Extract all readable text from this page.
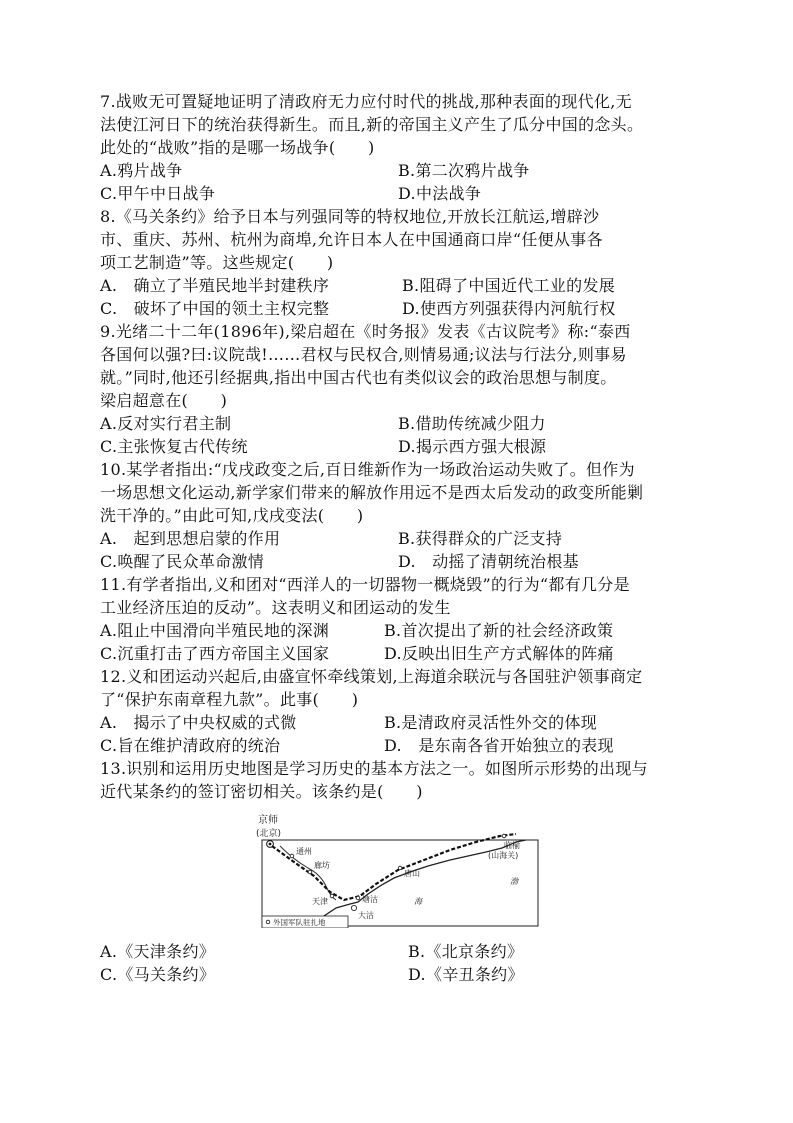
7.战败无可置疑地证明了清政府无力应付时代的挑战,那种表面的现代化,无
法使江河日下的统治获得新生。而且,新的帝国主义产生了瓜分中国的念头。
此处的“战败”指的是哪一场战争(　　)
A.鸦片战争	B.第二次鸦片战争
C.甲午中日战争	D.中法战争
8.《马关条约》给予日本与列强同等的特权地位,开放长江航运,增辟沙
市、重庆、苏州、杭州为商埠,允许日本人在中国通商口岸“任便从事各
项工艺制造”等。这些规定(　　)
A.　确立了半殖民地半封建秩序	B.阻碍了中国近代工业的发展
C.　破坏了中国的领土主权完整	D.使西方列强获得内河航行权
9.光绪二十二年(1896年),梁启超在《时务报》发表《古议院考》称:“泰西
各国何以强?曰:议院哉!……君权与民权合,则情易通;议法与行法分,则事易
就。”同时,他还引经据典,指出中国古代也有类似议会的政治思想与制度。
梁启超意在(　　)
A.反对实行君主制	B.借助传统减少阻力
C.主张恢复古代传统	D.揭示西方强大根源
10.某学者指出:“戊戌政变之后,百日维新作为一场政治运动失败了。但作为
一场思想文化运动,新学家们带来的解放作用远不是西太后发动的政变所能剿
洗干净的。”由此可知,戊戌变法(　　)
A.　起到思想启蒙的作用	B.获得群众的广泛支持
C.唤醒了民众革命激情	D.　动摇了清朝统治根基
11.有学者指出,义和团对“西洋人的一切器物一概烧毁”的行为“都有几分是
工业经济压迫的反动”。这表明义和团运动的发生
A.阻止中国滑向半殖民地的深渊	B.首次提出了新的社会经济政策
C.沉重打击了西方帝国主义国家	D.反映出旧生产方式解体的阵痛
12.义和团运动兴起后,由盛宣怀牵线策划,上海道余联沅与各国驻沪领事商定
了“保护东南章程九款”。此事(　　)
A.　揭示了中央权威的式微	B.是清政府灵活性外交的体现
C.旨在维护清政府的统治	D.　是东南各省开始独立的表现
13.识别和运用历史地图是学习历史的基本方法之一。如图所示形势的出现与
近代某条约的签订密切相关。该条约是(　　)
京师
(北京)
通州
廊坊
天津	塘沽
大沽
唐山
临榆
(山海关)
渤
海
外国军队驻扎地
A.《天津条约》	B.《北京条约》
C.《马关条约》	D.《辛丑条约》
